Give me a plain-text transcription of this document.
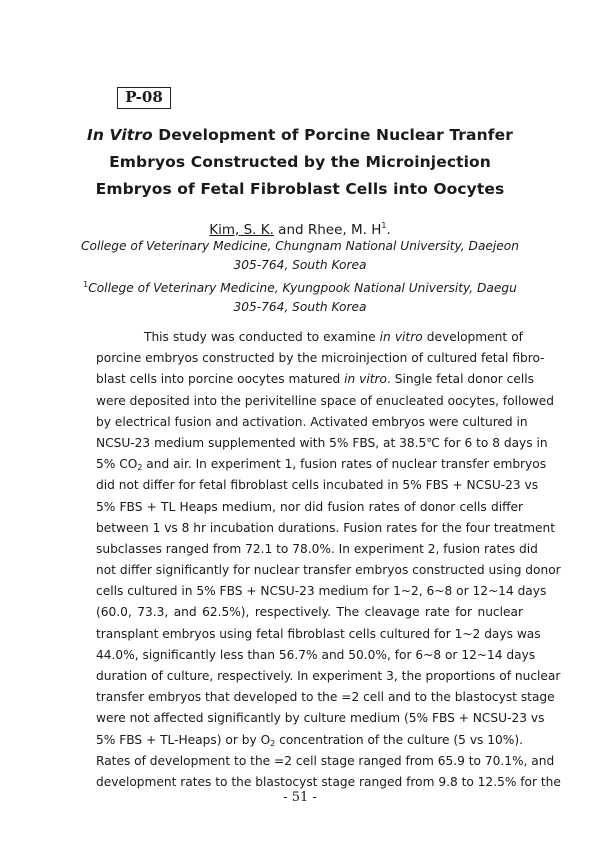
P-08
In Vitro Development of Porcine Nuclear Tranfer
Embryos Constructed by the Microinjection
Embryos of Fetal Fibroblast Cells into Oocytes
Kim, S. K. and Rhee, M. $H^1$.
College of Veterinary Medicine, Chungnam National University, Daejeon
305-764, South Korea
$^1$College of Veterinary Medicine, Kyungpook National University, Daegu
305-764, South Korea
This study was conducted to examine in vitro development of
porcine embryos constructed by the microinjection of cultured fetal fibro-
blast cells into porcine oocytes matured in vitro. Single fetal donor cells
were deposited into the perivitelline space of enucleated oocytes, followed
by electrical fusion and activation. Activated embryos were cultured in
NCSU-23 medium supplemented with 5% FBS, at 38.5℃ for 6 to 8 days in
5% $CO_2$ and air. In experiment 1, fusion rates of nuclear transfer embryos
did not differ for fetal fibroblast cells incubated in 5% FBS + NCSU-23 vs
5% FBS + TL Heaps medium, nor did fusion rates of donor cells differ
between 1 vs 8 hr incubation durations. Fusion rates for the four treatment
subclasses ranged from 72.1 to 78.0%. In experiment 2, fusion rates did
not differ significantly for nuclear transfer embryos constructed using donor
cells cultured in 5% FBS + NCSU-23 medium for 1~2, 6~8 or 12~14 days
(60.0, 73.3, and 62.5%), respectively. The cleavage rate for nuclear
transplant embryos using fetal fibroblast cells cultured for 1~2 days was
44.0%, significantly less than 56.7% and 50.0%, for 6~8 or 12~14 days
duration of culture, respectively. In experiment 3, the proportions of nuclear
transfer embryos that developed to the =2 cell and to the blastocyst stage
were not affected significantly by culture medium (5% FBS + NCSU-23 vs
5% FBS + TL-Heaps) or by $O_2$ concentration of the culture (5 vs 10%).
Rates of development to the =2 cell stage ranged from 65.9 to 70.1%, and
development rates to the blastocyst stage ranged from 9.8 to 12.5% for the
- 51 -
